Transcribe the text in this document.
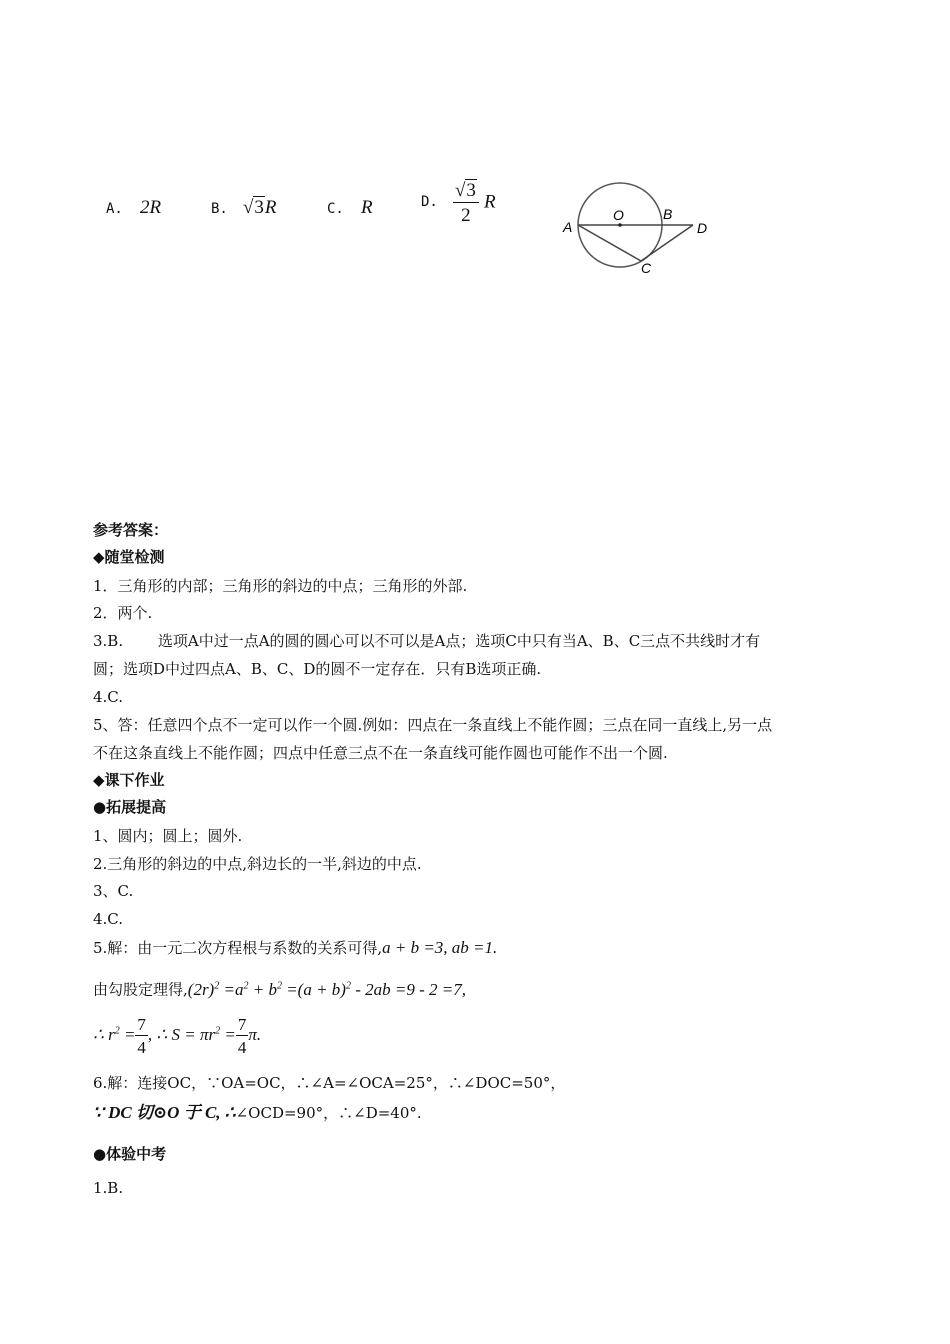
A. 2R	B. √3R	C. R	D. $\frac{√3}{2}$ R
A
O	B
D
C
参考答案：
◆随堂检测
1．三角形的内部；三角形的斜边的中点；三角形的外部.
2．两个.
3.B.　　 选项A中过一点A的圆的圆心可以不可以是A点；选项C中只有当A、B、C三点不共线时才有
圆；选项D中过四点A、B、C、D的圆不一定存在．只有B选项正确.
4.C.
5、答：任意四个点不一定可以作一个圆.例如：四点在一条直线上不能作圆；三点在同一直线上,另一点
不在这条直线上不能作圆；四点中任意三点不在一条直线可能作圆也可能作不出一个圆.
◆课下作业
●拓展提高
1、圆内；圆上；圆外.
2.三角形的斜边的中点,斜边长的一半,斜边的中点.
3、C.
4.C.
5.解：由一元二次方程根与系数的关系可得,a + b =3, ab =1.
由勾股定理得$,(2r)^2 =a^2 + b^2 =(a + b)^2 - 2ab =9 - 2 =7$,
∴ $r^2 = \frac{7}{4}$ , ∴ $S = \pi r^2 = \frac{7}{4} \pi$.
6.解：连接OC，∵OA=OC，∴∠A=∠OCA=25°，∴∠DOC=50°，
∵ DC 切⊙O 于 C, ∴∠OCD=90°，∴∠D=40°.
●体验中考
1.B.
